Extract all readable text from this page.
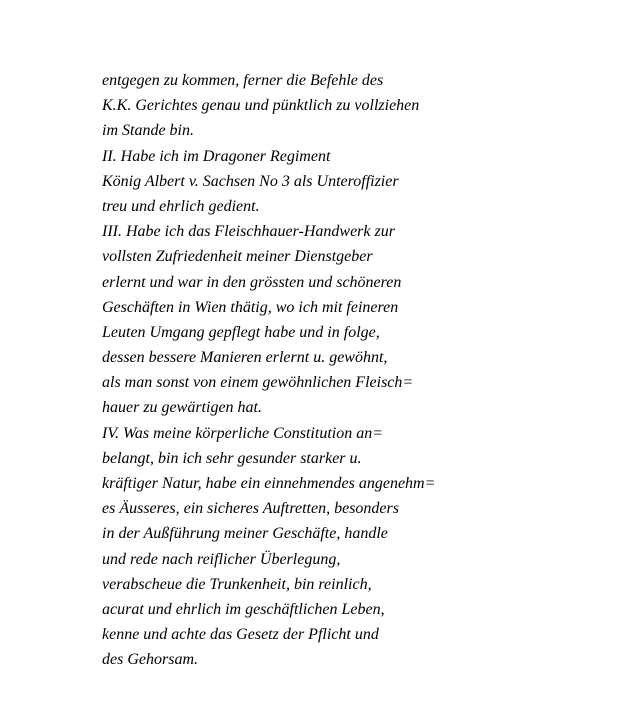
entgegen zu kommen, ferner die Befehle des
K.K. Gerichtes genau und pünktlich zu vollziehen
im Stande bin.
II. Habe ich im Dragoner Regiment
König Albert v. Sachsen No 3 als Unteroffizier
treu und ehrlich gedient.
III. Habe ich das Fleischhauer-Handwerk zur
vollsten Zufriedenheit meiner Dienstgeber
erlernt und war in den grössten und schöneren
Geschäften in Wien thätig, wo ich mit feineren
Leuten Umgang gepflegt habe und in folge,
dessen bessere Manieren erlernt u. gewöhnt,
als man sonst von einem gewöhnlichen Fleisch=
hauer zu gewärtigen hat.
IV. Was meine körperliche Constitution an=
belangt, bin ich sehr gesunder starker u.
kräftiger Natur, habe ein einnehmendes angenehm=
es Äusseres, ein sicheres Auftretten, besonders
in der Außführung meiner Geschäfte, handle
und rede nach reiflicher Überlegung,
verabscheue die Trunkenheit, bin reinlich,
acurat und ehrlich im geschäftlichen Leben,
kenne und achte das Gesetz der Pflicht und
des Gehorsam.
